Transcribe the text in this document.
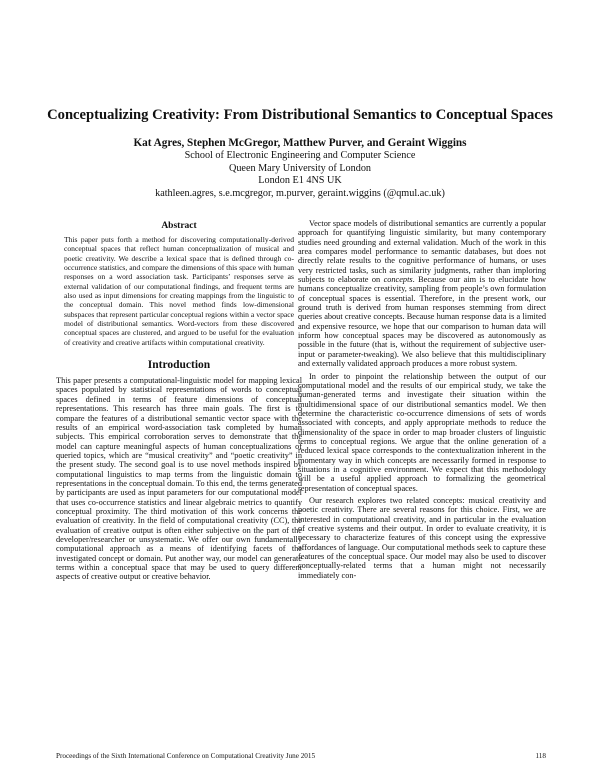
Conceptualizing Creativity: From Distributional Semantics to Conceptual Spaces
Kat Agres, Stephen McGregor, Matthew Purver, and Geraint Wiggins
School of Electronic Engineering and Computer Science
Queen Mary University of London
London E1 4NS UK
kathleen.agres, s.e.mcgregor, m.purver, geraint.wiggins (@qmul.ac.uk)
Abstract

This paper puts forth a method for discovering computationally-derived conceptual spaces that reflect human conceptualization of musical and poetic creativity. We describe a lexical space that is defined through co-occurrence statistics, and compare the dimensions of this space with human responses on a word association task. Participants’ responses serve as external validation of our computational findings, and frequent terms are also used as input dimensions for creating mappings from the linguistic to the conceptual domain. This novel method finds low-dimensional subspaces that represent particular conceptual regions within a vector space model of distributional semantics. Word-vectors from these discovered conceptual spaces are clustered, and argued to be useful for the evaluation of creativity and creative artifacts within computational creativity.

Introduction

This paper presents a computational-linguistic model for mapping lexical spaces populated by statistical representations of words to conceptual spaces defined in terms of feature dimensions of conceptual representations. This research has three main goals. The first is to compare the features of a distributional semantic vector space with the results of an empirical word-association task completed by human subjects. This empirical corroboration serves to demonstrate that the model can capture meaningful aspects of human conceptualizations of queried topics, which are “musical creativity” and “poetic creativity” in the present study. The second goal is to use novel methods inspired by computational linguistics to map terms from the linguistic domain to representations in the conceptual domain. To this end, the terms generated by participants are used as input parameters for our computational model that uses co-occurrence statistics and linear algebraic metrics to quantify conceptual proximity. The third motivation of this work concerns the evaluation of creativity. In the field of computational creativity (CC), the evaluation of creative output is often either subjective on the part of the developer/researcher or unsystematic. We offer our own fundamentally computational approach as a means of identifying facets of the investigated concept or domain. Put another way, our model can generate terms within a conceptual space that may be used to query different aspects of creative output or creative behavior.

Vector space models of distributional semantics are currently a popular approach for quantifying linguistic similarity, but many contemporary studies need grounding and external validation. Much of the work in this area compares model performance to semantic databases, but does not directly relate results to the cognitive performance of humans, or uses very restricted tasks, such as similarity judgments, rather than imploring subjects to elaborate on concepts. Because our aim is to elucidate how humans conceptualize creativity, sampling from people’s own formulation of conceptual spaces is essential. Therefore, in the present work, our ground truth is derived from human responses stemming from direct queries about creative concepts. Because human response data is a limited and expensive resource, we hope that our comparison to human data will inform how conceptual spaces may be discovered as autonomously as possible in the future (that is, without the requirement of subjective user-input or parameter-tweaking). We also believe that this multidisciplinary and externally validated approach produces a more robust system.

In order to pinpoint the relationship between the output of our computational model and the results of our empirical study, we take the human-generated terms and investigate their situation within the multidimensional space of our distributional semantics model. We then determine the characteristic co-occurrence dimensions of sets of words associated with concepts, and apply appropriate methods to reduce the dimensionality of the space in order to map broader clusters of linguistic terms to conceptual regions. We argue that the online generation of a reduced lexical space corresponds to the contextualization inherent in the momentary way in which concepts are necessarily formed in response to situations in a cognitive environment. We expect that this methodology will be a useful applied approach to formalizing the geometrical representation of conceptual spaces.

Our research explores two related concepts: musical creativity and poetic creativity. There are several reasons for this choice. First, we are interested in computational creativity, and in particular in the evaluation of creative systems and their output. In order to evaluate creativity, it is necessary to characterize features of this concept using the expressive affordances of language. Our computational methods seek to capture these features of the conceptual space. Our model may also be used to discover conceptually-related terms that a human might not necessarily immediately con-

Proceedings of the Sixth International Conference on Computational Creativity June 2015	118
